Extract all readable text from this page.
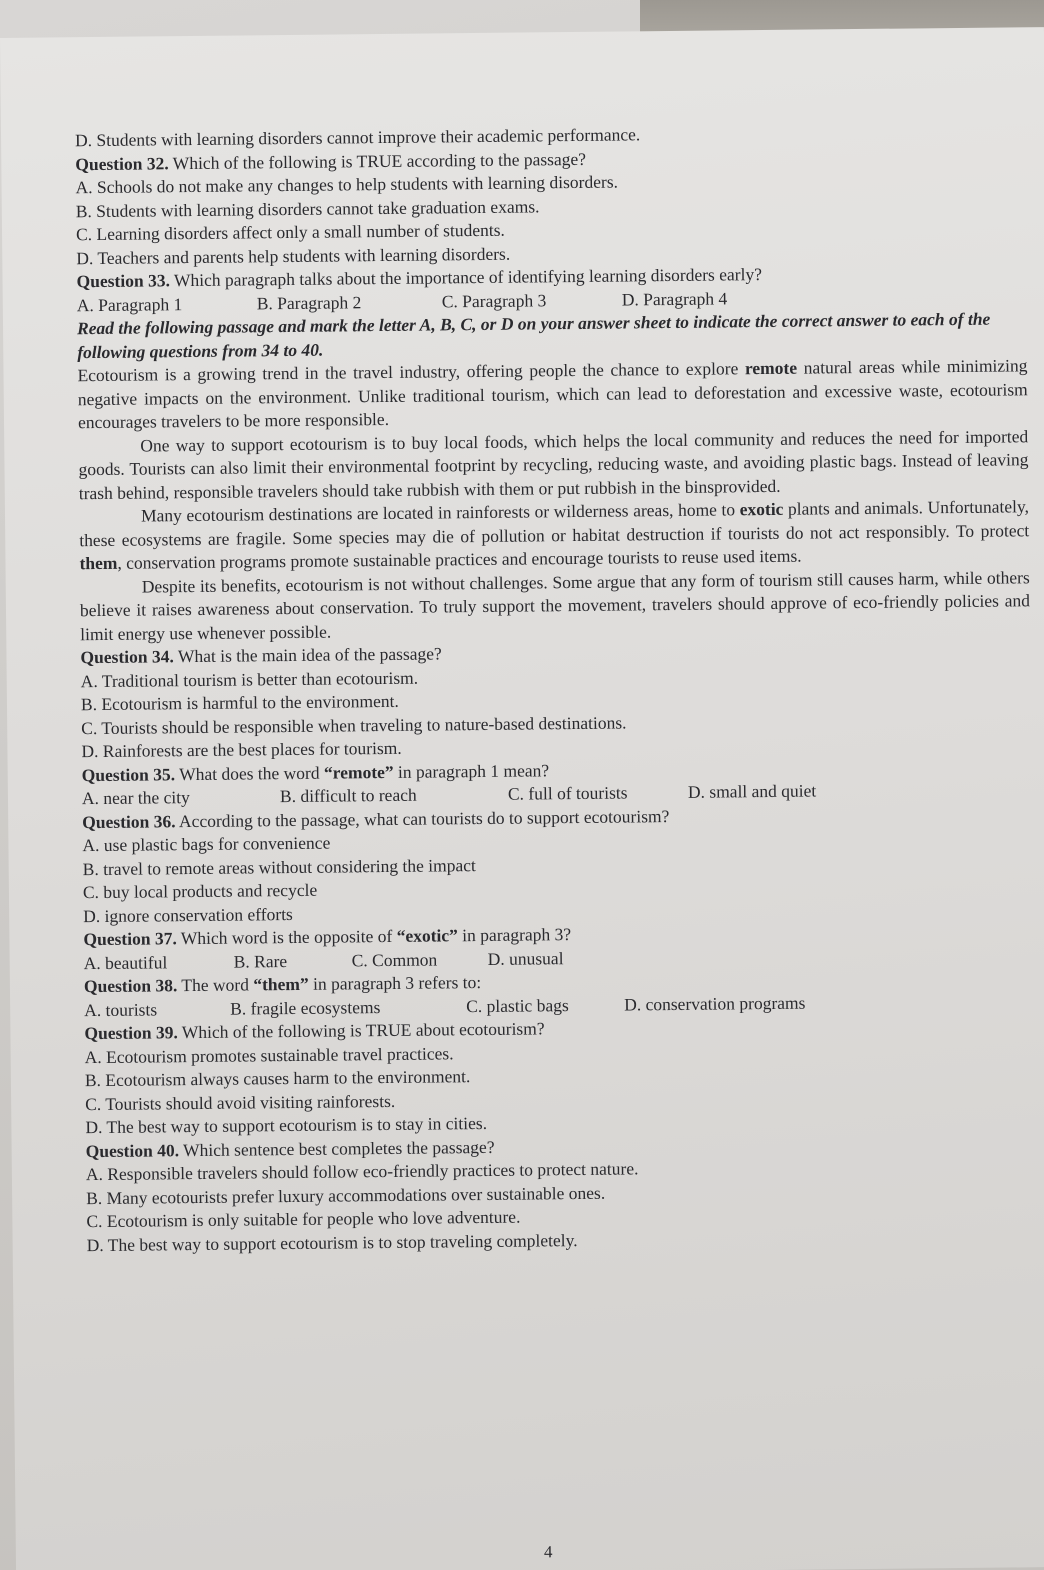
D. Students with learning disorders cannot improve their academic performance.
Question 32. Which of the following is TRUE according to the passage?
A. Schools do not make any changes to help students with learning disorders.
B. Students with learning disorders cannot take graduation exams.
C. Learning disorders affect only a small number of students.
D. Teachers and parents help students with learning disorders.
Question 33. Which paragraph talks about the importance of identifying learning disorders early?
A. Paragraph 1	B. Paragraph 2	C. Paragraph 3	D. Paragraph 4
Read the following passage and mark the letter A, B, C, or D on your answer sheet to indicate the correct answer to each of the following questions from 34 to 40.
Ecotourism is a growing trend in the travel industry, offering people the chance to explore remote natural areas while minimizing negative impacts on the environment. Unlike traditional tourism, which can lead to deforestation and excessive waste, ecotourism encourages travelers to be more responsible.
One way to support ecotourism is to buy local foods, which helps the local community and reduces the need for imported goods. Tourists can also limit their environmental footprint by recycling, reducing waste, and avoiding plastic bags. Instead of leaving trash behind, responsible travelers should take rubbish with them or put rubbish in the binsprovided.
Many ecotourism destinations are located in rainforests or wilderness areas, home to exotic plants and animals. Unfortunately, these ecosystems are fragile. Some species may die of pollution or habitat destruction if tourists do not act responsibly. To protect them, conservation programs promote sustainable practices and encourage tourists to reuse used items.
Despite its benefits, ecotourism is not without challenges. Some argue that any form of tourism still causes harm, while others believe it raises awareness about conservation. To truly support the movement, travelers should approve of eco-friendly policies and limit energy use whenever possible.
Question 34. What is the main idea of the passage?
A. Traditional tourism is better than ecotourism.
B. Ecotourism is harmful to the environment.
C. Tourists should be responsible when traveling to nature-based destinations.
D. Rainforests are the best places for tourism.
Question 35. What does the word “remote” in paragraph 1 mean?
A. near the city	B. difficult to reach	C. full of tourists	D. small and quiet
Question 36. According to the passage, what can tourists do to support ecotourism?
A. use plastic bags for convenience
B. travel to remote areas without considering the impact
C. buy local products and recycle
D. ignore conservation efforts
Question 37. Which word is the opposite of “exotic” in paragraph 3?
A. beautiful	B. Rare	C. Common	D. unusual
Question 38. The word “them” in paragraph 3 refers to:
A. tourists	B. fragile ecosystems	C. plastic bags	D. conservation programs
Question 39. Which of the following is TRUE about ecotourism?
A. Ecotourism promotes sustainable travel practices.
B. Ecotourism always causes harm to the environment.
C. Tourists should avoid visiting rainforests.
D. The best way to support ecotourism is to stay in cities.
Question 40. Which sentence best completes the passage?
A. Responsible travelers should follow eco-friendly practices to protect nature.
B. Many ecotourists prefer luxury accommodations over sustainable ones.
C. Ecotourism is only suitable for people who love adventure.
D. The best way to support ecotourism is to stop traveling completely.
4
